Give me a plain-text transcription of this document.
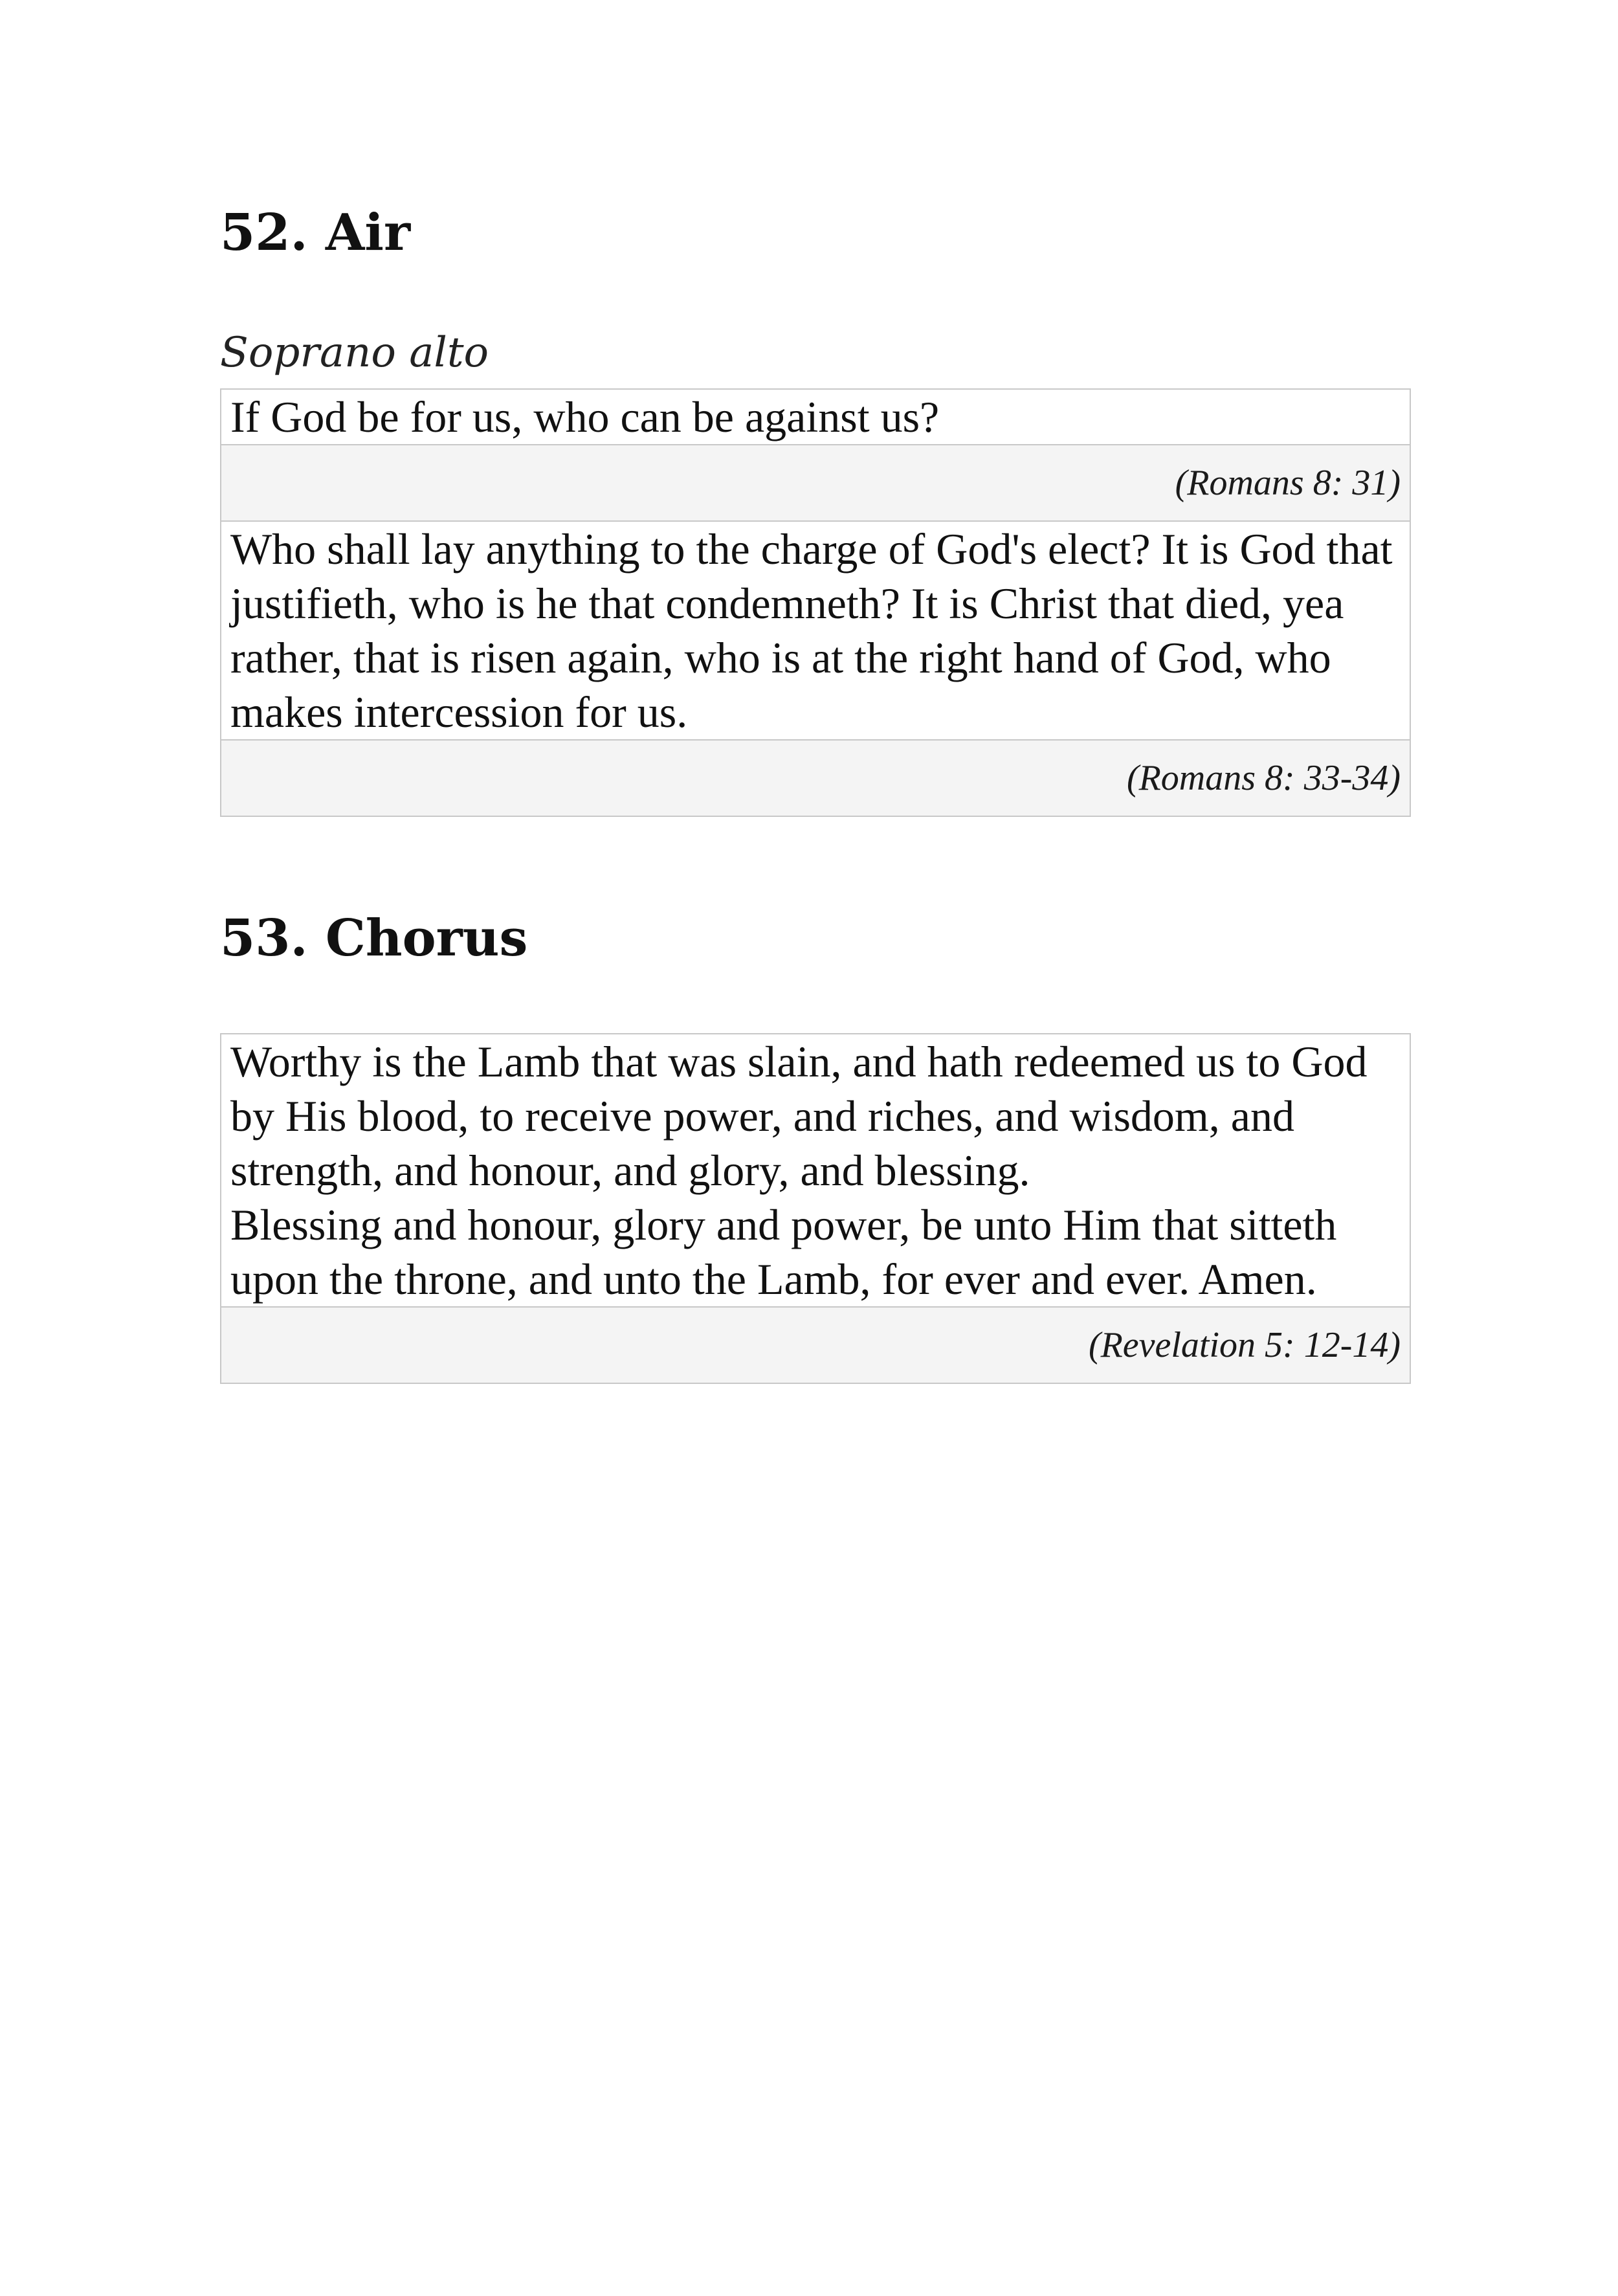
52. Air
Soprano alto
If God be for us, who can be against us?
(Romans 8: 31)
Who shall lay anything to the charge of God's elect? It is God that justifieth, who is he that condemneth? It is Christ that died, yea rather, that is risen again, who is at the right hand of God, who makes intercession for us.
(Romans 8: 33-34)
53. Chorus
Worthy is the Lamb that was slain, and hath redeemed us to God by His blood, to receive power, and riches, and wisdom, and strength, and honour, and glory, and blessing.
Blessing and honour, glory and power, be unto Him that sitteth upon the throne, and unto the Lamb, for ever and ever. Amen.
(Revelation 5: 12-14)
